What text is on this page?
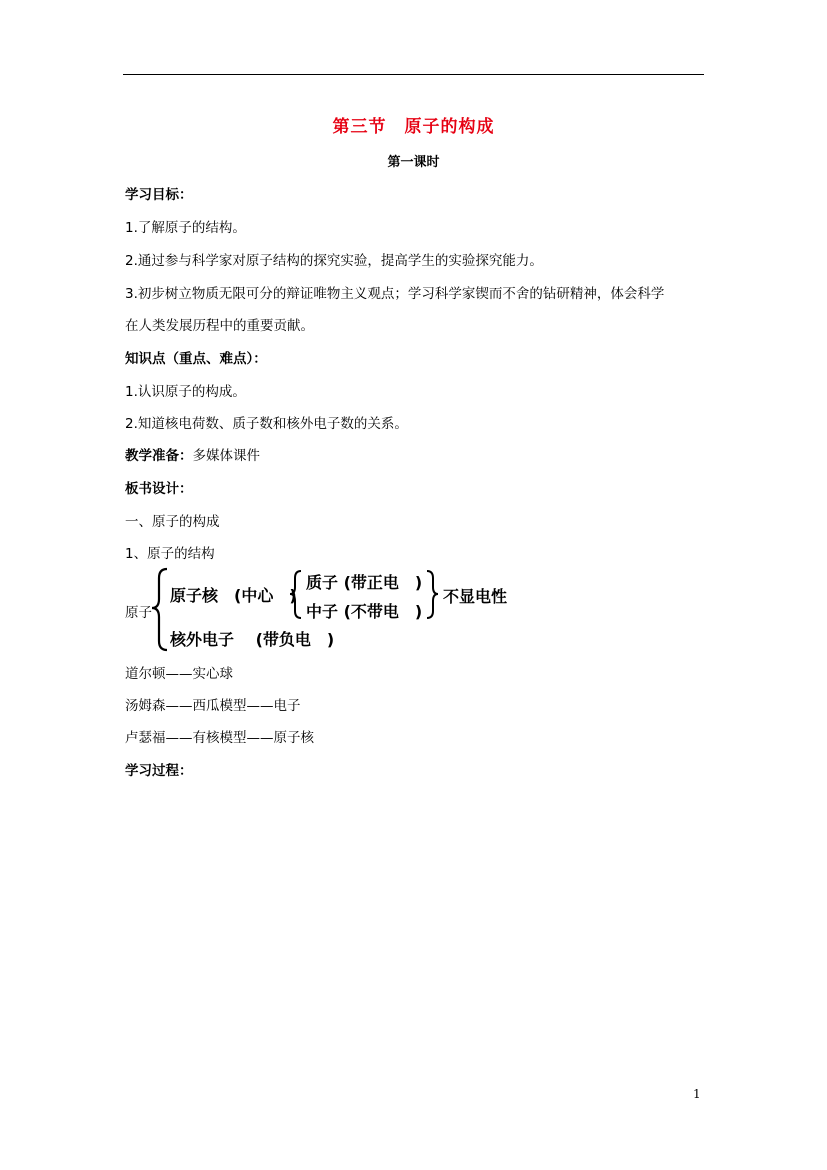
第三节　原子的构成
第一课时
学习目标：
1.了解原子的结构。
2.通过参与科学家对原子结构的探究实验，提高学生的实验探究能力。
3.初步树立物质无限可分的辩证唯物主义观点；学习科学家锲而不舍的钻研精神，体会科学
在人类发展历程中的重要贡献。
知识点（重点、难点）：
1.认识原子的构成。
2.知道核电荷数、质子数和核外电子数的关系。
教学准备：多媒体课件
板书设计：
一、原子的构成
1、原子的结构
原子
原子核　(中心　)
质子 (带正电　)
中子 (不带电　)
不显电性
核外电子　 (带负电　)
道尔顿——实心球
汤姆森——西瓜模型——电子
卢瑟福——有核模型——原子核
学习过程：
1
